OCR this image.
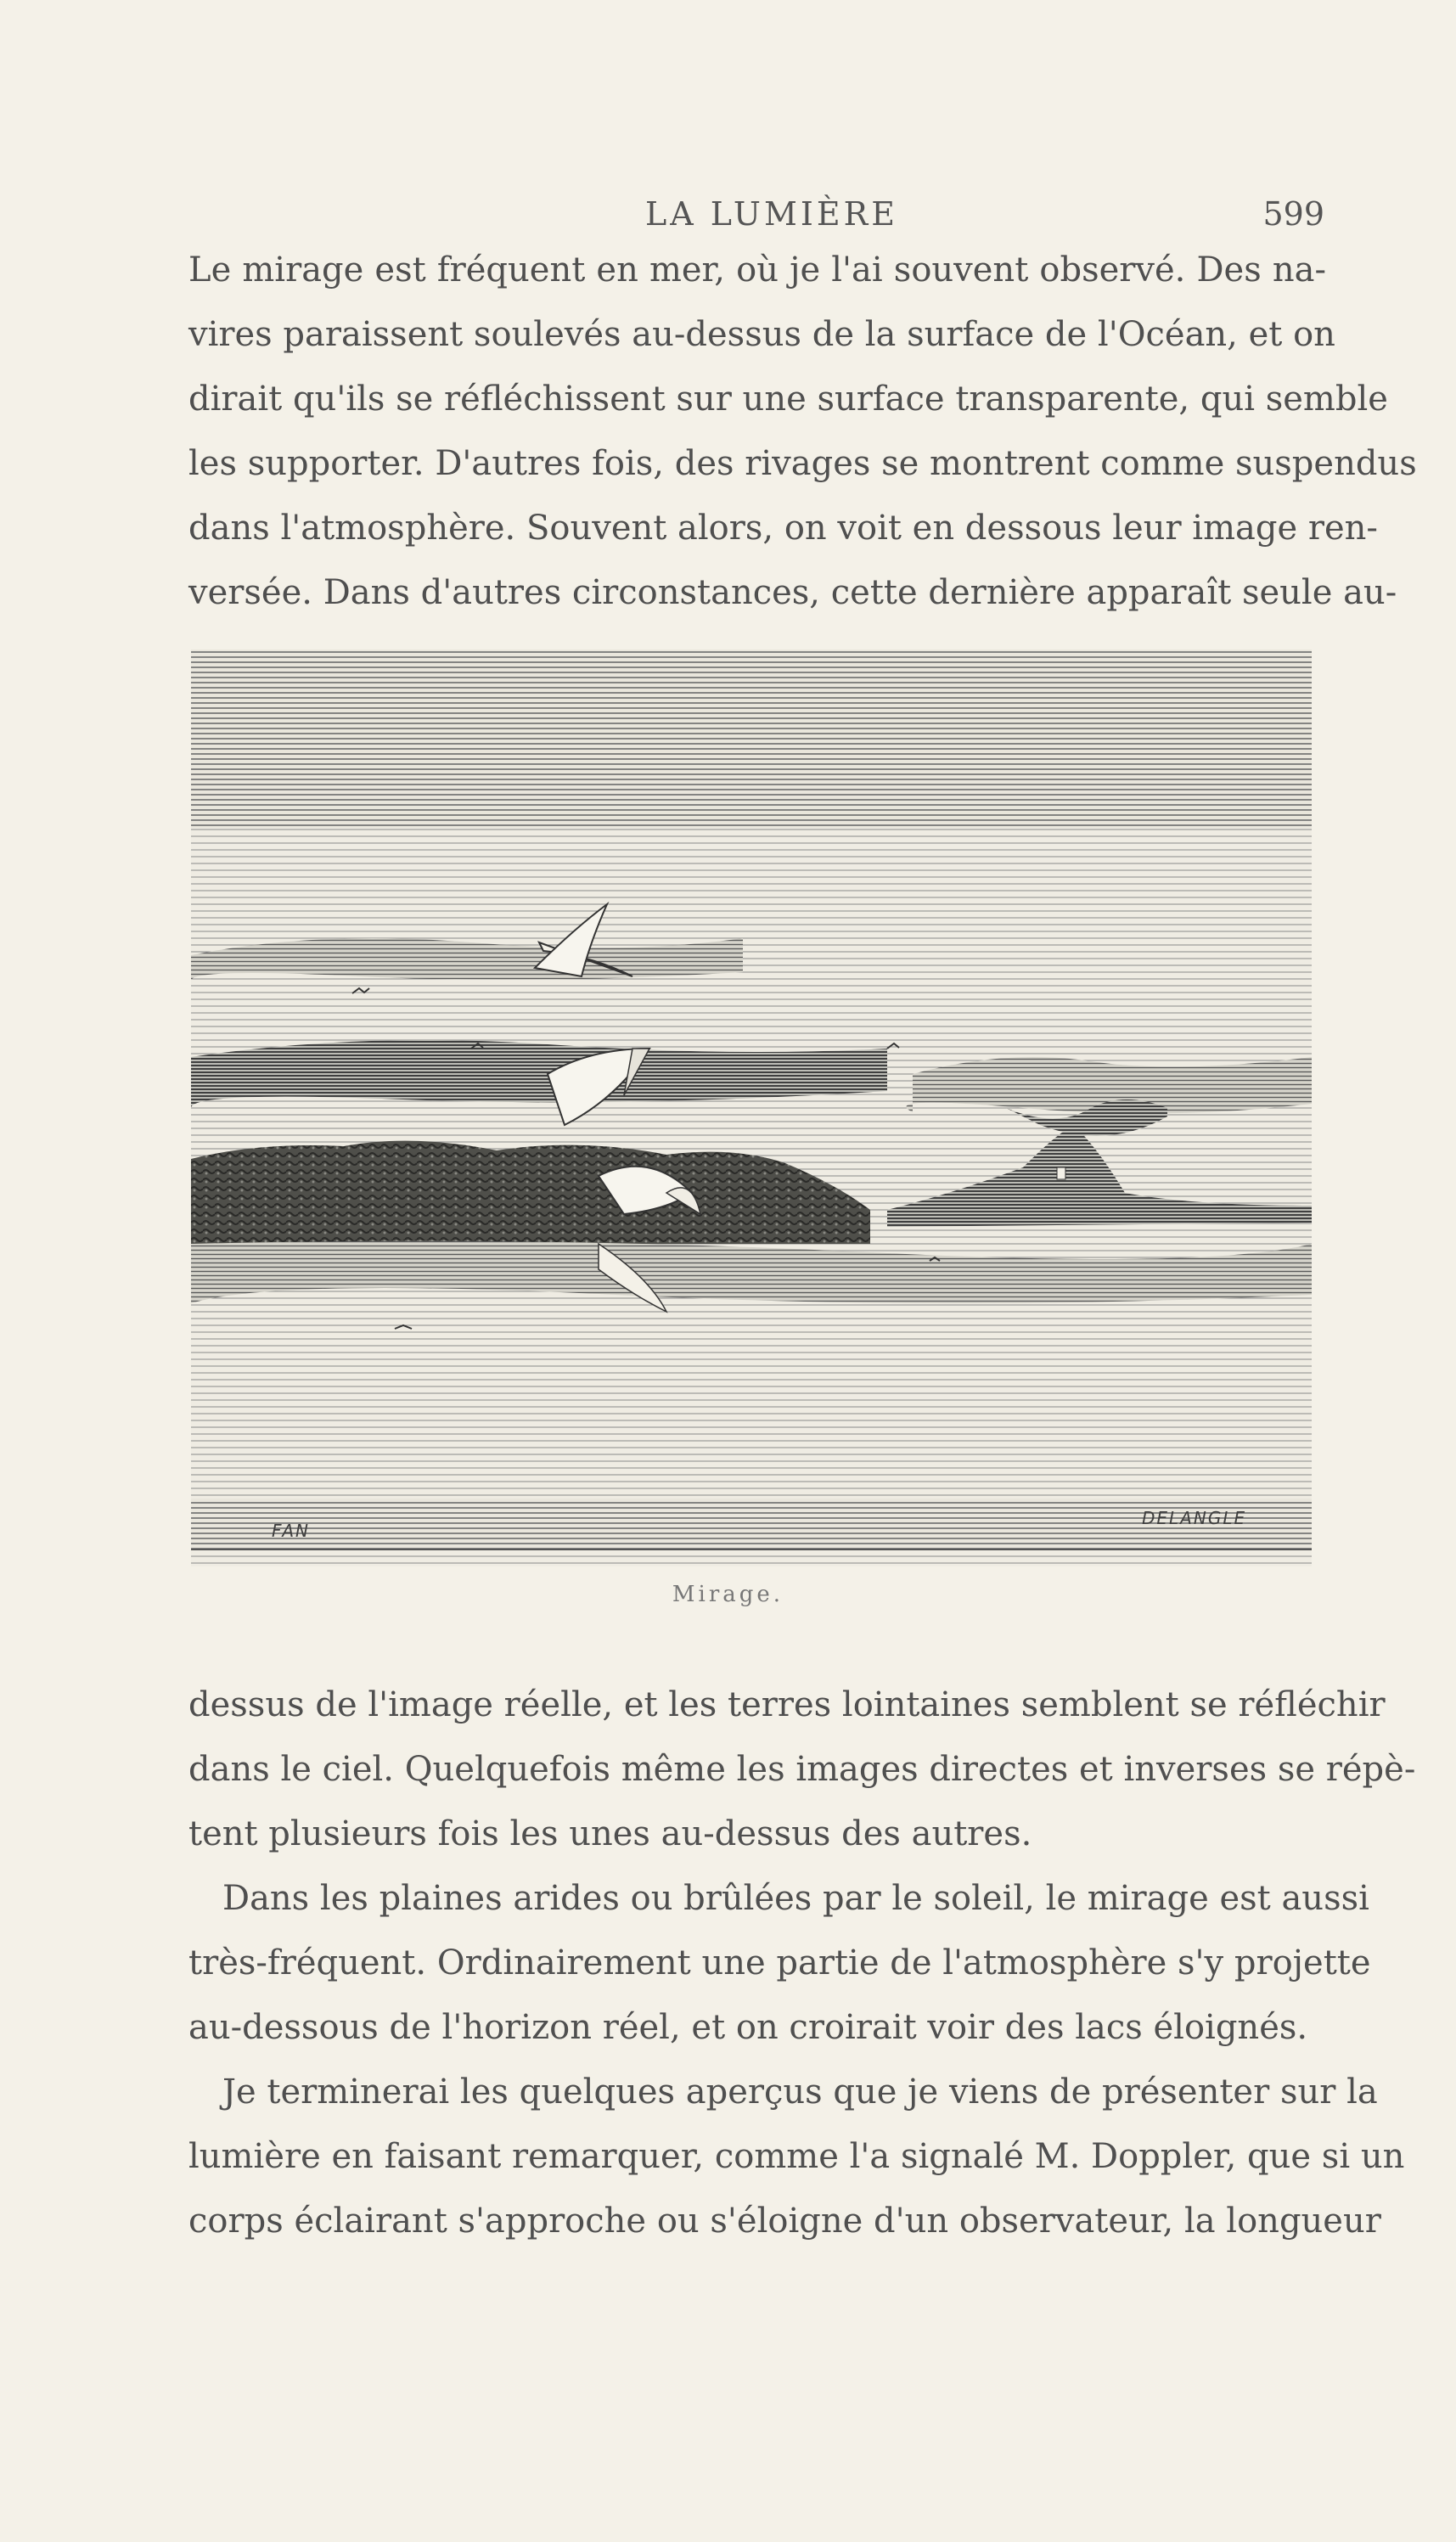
LA LUMIÈRE	599
Le mirage est fréquent en mer, où je l'ai souvent observé. Des na-
vires paraissent soulevés au-dessus de la surface de l'Océan, et on
dirait qu'ils se réfléchissent sur une surface transparente, qui semble
les supporter. D'autres fois, des rivages se montrent comme suspendus
dans l'atmosphère. Souvent alors, on voit en dessous leur image ren-
versée. Dans d'autres circonstances, cette dernière apparaît seule au-
FAN
DELANGLE
Mirage.
dessus de l'image réelle, et les terres lointaines semblent se réfléchir
dans le ciel. Quelquefois même les images directes et inverses se répè-
tent plusieurs fois les unes au-dessus des autres.
Dans les plaines arides ou brûlées par le soleil, le mirage est aussi
très-fréquent. Ordinairement une partie de l'atmosphère s'y projette
au-dessous de l'horizon réel, et on croirait voir des lacs éloignés.
Je terminerai les quelques aperçus que je viens de présenter sur la
lumière en faisant remarquer, comme l'a signalé M. Doppler, que si un
corps éclairant s'approche ou s'éloigne d'un observateur, la longueur
